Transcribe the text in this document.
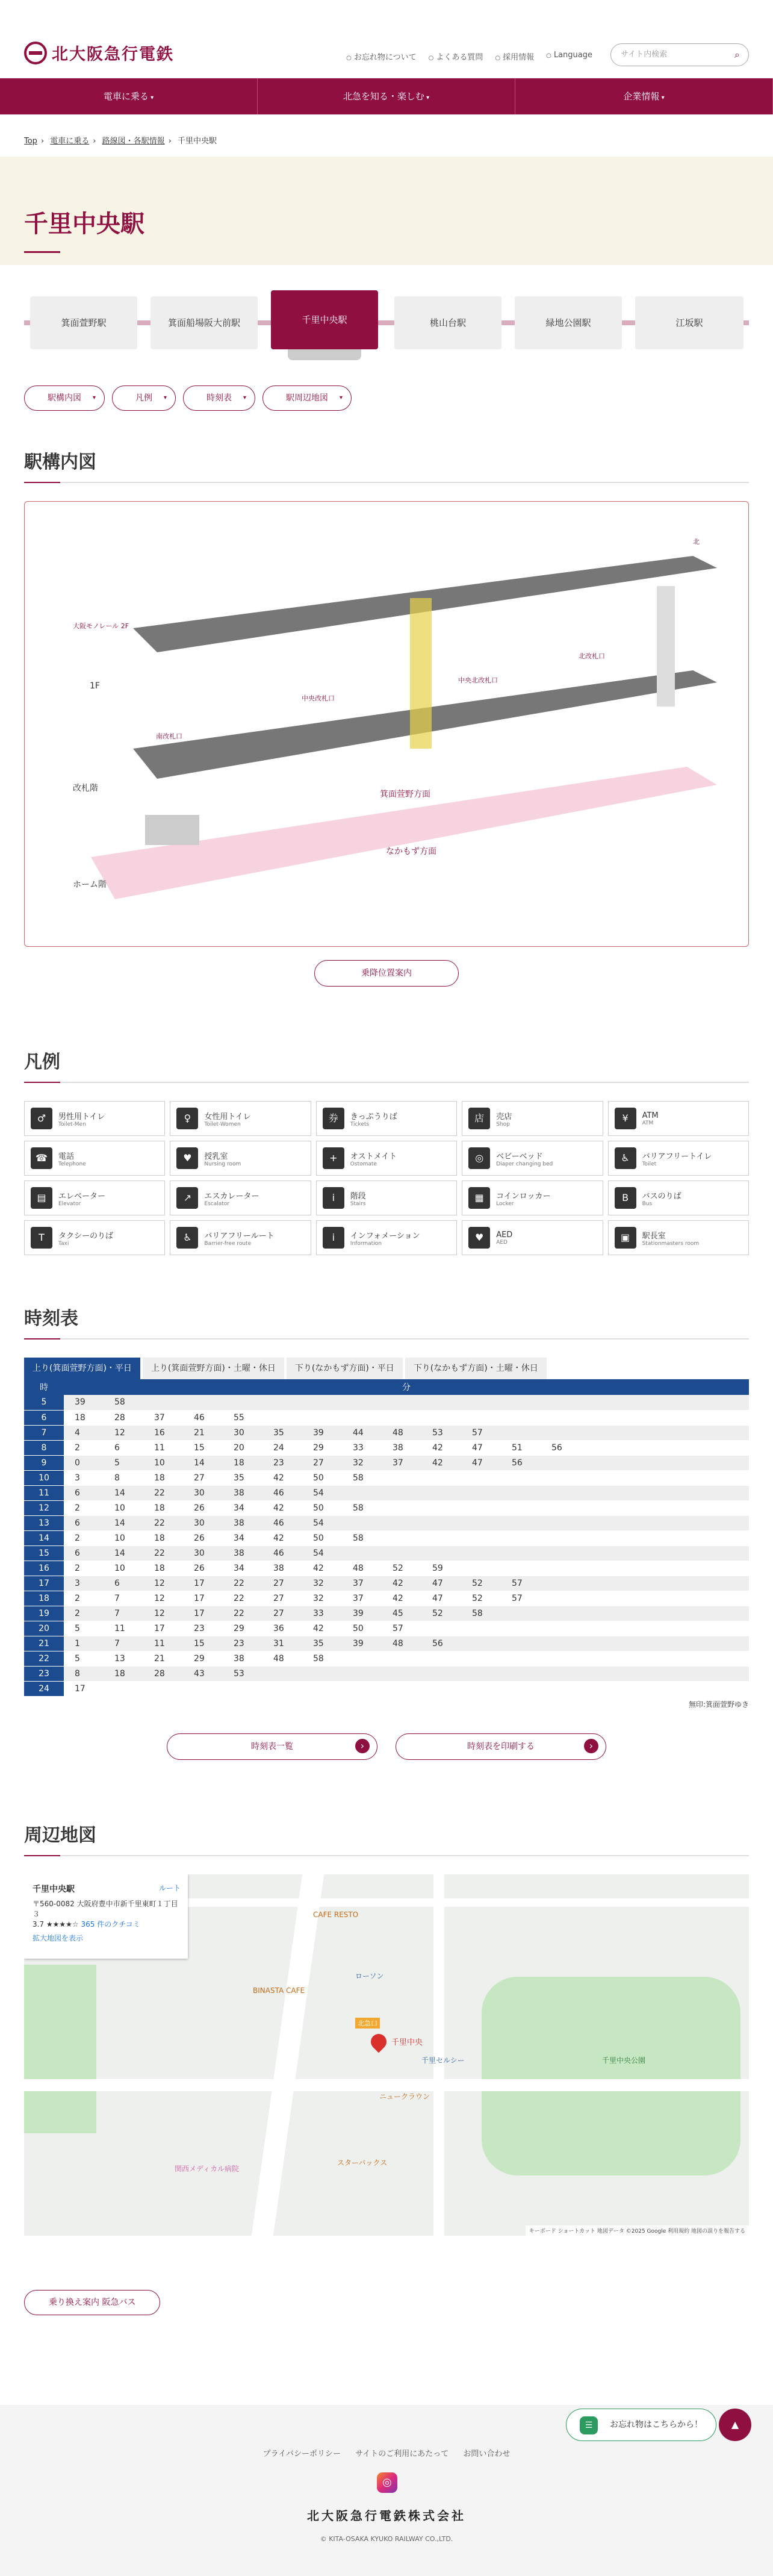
北大阪急行電鉄	○ お忘れ物について	○ よくある質問	○ 採用情報	○ Language	サイト内検索 ⌕
電車に乗る ▾	北急を知る・楽しむ ▾	企業情報 ▾
Top › 電車に乗る › 路線図・各駅情報 › 千里中央駅
千里中央駅
箕面萱野駅	箕面船場阪大前駅	千里中央駅	桃山台駅	緑地公園駅	江坂駅
駅構内図 ▾	凡例 ▾	時刻表 ▾	駅周辺地図 ▾
駅構内図
1F
改札階
ホーム階
大阪モノレール 2F
北改札口
中央改札口
中央北改札口
南改札口
箕面萱野方面
なかもず方面
北
乗降位置案内
凡例
♂	男性用トイレ
Toilet-Men
♀	女性用トイレ
Toilet-Women
券	きっぷうりば
Tickets
店	売店
Shop
¥	ATM
ATM
☎	電話
Telephone
♥	授乳室
Nursing room
+	オストメイト
Ostomate
◎	ベビーベッド
Diaper changing bed
♿	バリアフリートイレ
Toilet
▤	エレベーター
Elevator
↗	エスカレーター
Escalator
ⅰ	階段
Stairs
▦	コインロッカー
Locker
B	バスのりば
Bus
T	タクシーのりば
Taxi
♿	バリアフリールート
Barrier-free route
i	インフォメーション
Information
♥	AED
AED	▣	駅長室
Stationmasters room
時刻表
上り(箕面萱野方面)・平日	上り(箕面萱野方面)・土曜・休日	下り(なかもず方面)・平日	下り(なかもず方面)・土曜・休日
時	分
5	39 58
6	18 28 37 46 55
7	4 12 16 21 30 35 39 44 48 53 57
8	2 6 11 15 20 24 29 33 38 42 47 51 56
9	0 5 10 14 18 23 27 32 37 42 47 56
10	3 8 18 27 35 42 50 58
11	6 14 22 30 38 46 54
12	2 10 18 26 34 42 50 58
13	6 14 22 30 38 46 54
14	2 10 18 26 34 42 50 58
15	6 14 22 30 38 46 54
16	2 10 18 26 34 38 42 48 52 59
17	3 6 12 17 22 27 32 37 42 47 52 57
18	2 7 12 17 22 27 32 37 42 47 52 57
19	2 7 12 17 22 27 33 39 45 52 58
20	5 11 17 23 29 36 42 50 57
21	1 7 11 15 23 31 35 39 48 56
22	5 13 21 29 38 48 58
23	8 18 28 43 53
24	17
無印:箕面萱野ゆき
時刻表一覧 ›	時刻表を印刷する ›
周辺地図
千里中央駅
〒560-0082 大阪府豊中市新千里東町１丁目３
3.7 ★★★★☆ 365 件のクチコミ
拡大地図を表示
ルート
CAFE RESTO
BINASTA CAFE
千里セルシー
ニュークラウン
スターバックス
関西メディカル病院
千里中央公園
ローソン
北急口
千里中央
キーボード ショートカット 地図データ ©2025 Google 利用規約 地図の誤りを報告する
乗り換え案内 阪急バス
☰ お忘れ物はこちらから！	▲
プライバシーポリシー サイトのご利用にあたって お問い合わせ
◎
北大阪急行電鉄株式会社
© KITA-OSAKA KYUKO RAILWAY CO.,LTD.
